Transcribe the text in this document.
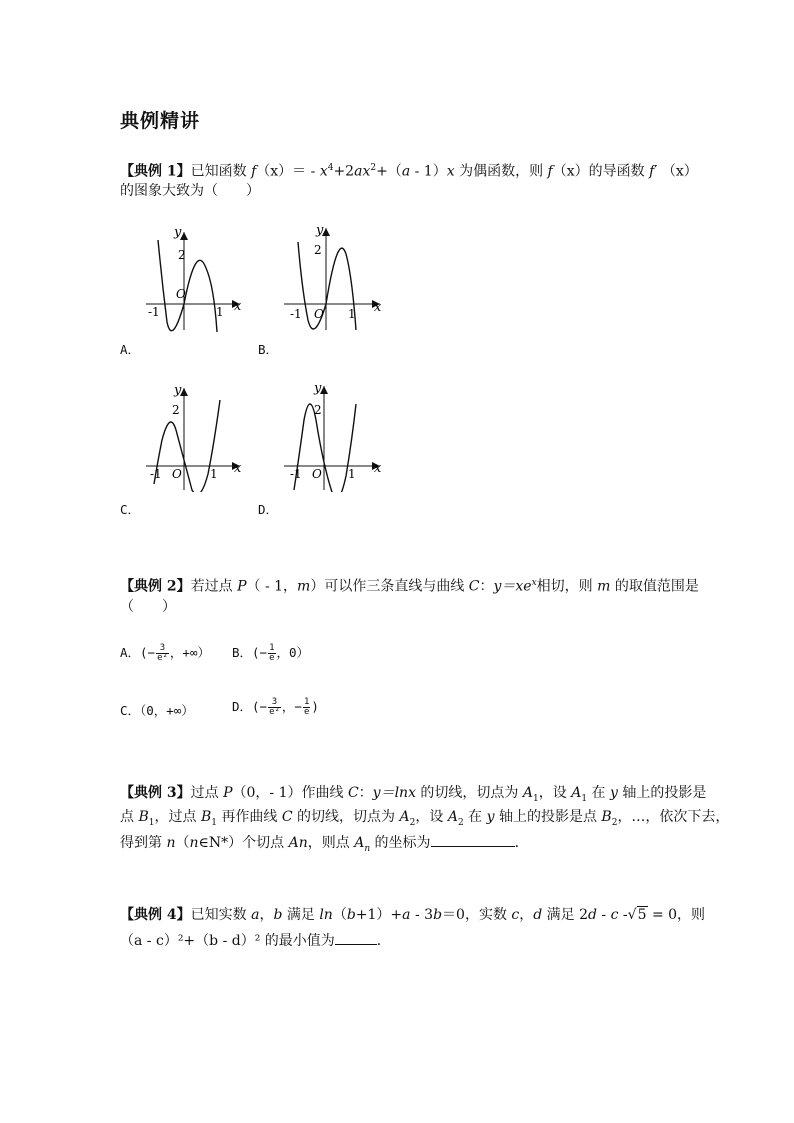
典例精讲
【典例 1】已知函数 $f(x)= - x^4+2ax^2+(a - 1)x$ 为偶函数，则 f（x）的导函数 f′ （x）
的图象大致为（　　）
y
x
2
O
-1	1
A．
y
x
2
O
-1	1
B．
y
x
2
O
-1	1
C．
y
x
2
O
-1	1
D．
【典例 2】若过点 P（ - 1，m）可以作三条直线与曲线 C：$y=xe^x$相切，则 m 的取值范围是
（　　）
A．(− $\frac{3}{\text{e²}}$ ，+∞） B．(− $\frac{1}{e}$ ，0）
C．（0，+∞）	D．(− $\frac{3}{\text{e²}}$ ，− $\frac{1}{e}$ )
【典例 3】过点 P（0，- 1）作曲线 C：y＝lnx 的切线，切点为 $A_1$，设 $A_1$ 在 y 轴上的投影是
点 $B_1$，过点 $B_1$ 再作曲线 C 的切线，切点为 $A_2$，设 $A_2$ 在 y 轴上的投影是点 $B_2$，…，依次下去，
得到第 n（n∈N*）个切点 An，则点 $A_n$ 的坐标为	．
【典例 4】已知实数 a，b 满足 ln（b+1）+a - 3b＝0，实数 c，d 满足 2d - c -√5 = 0，则
（a - c）²+（b - d）² 的最小值为	．
